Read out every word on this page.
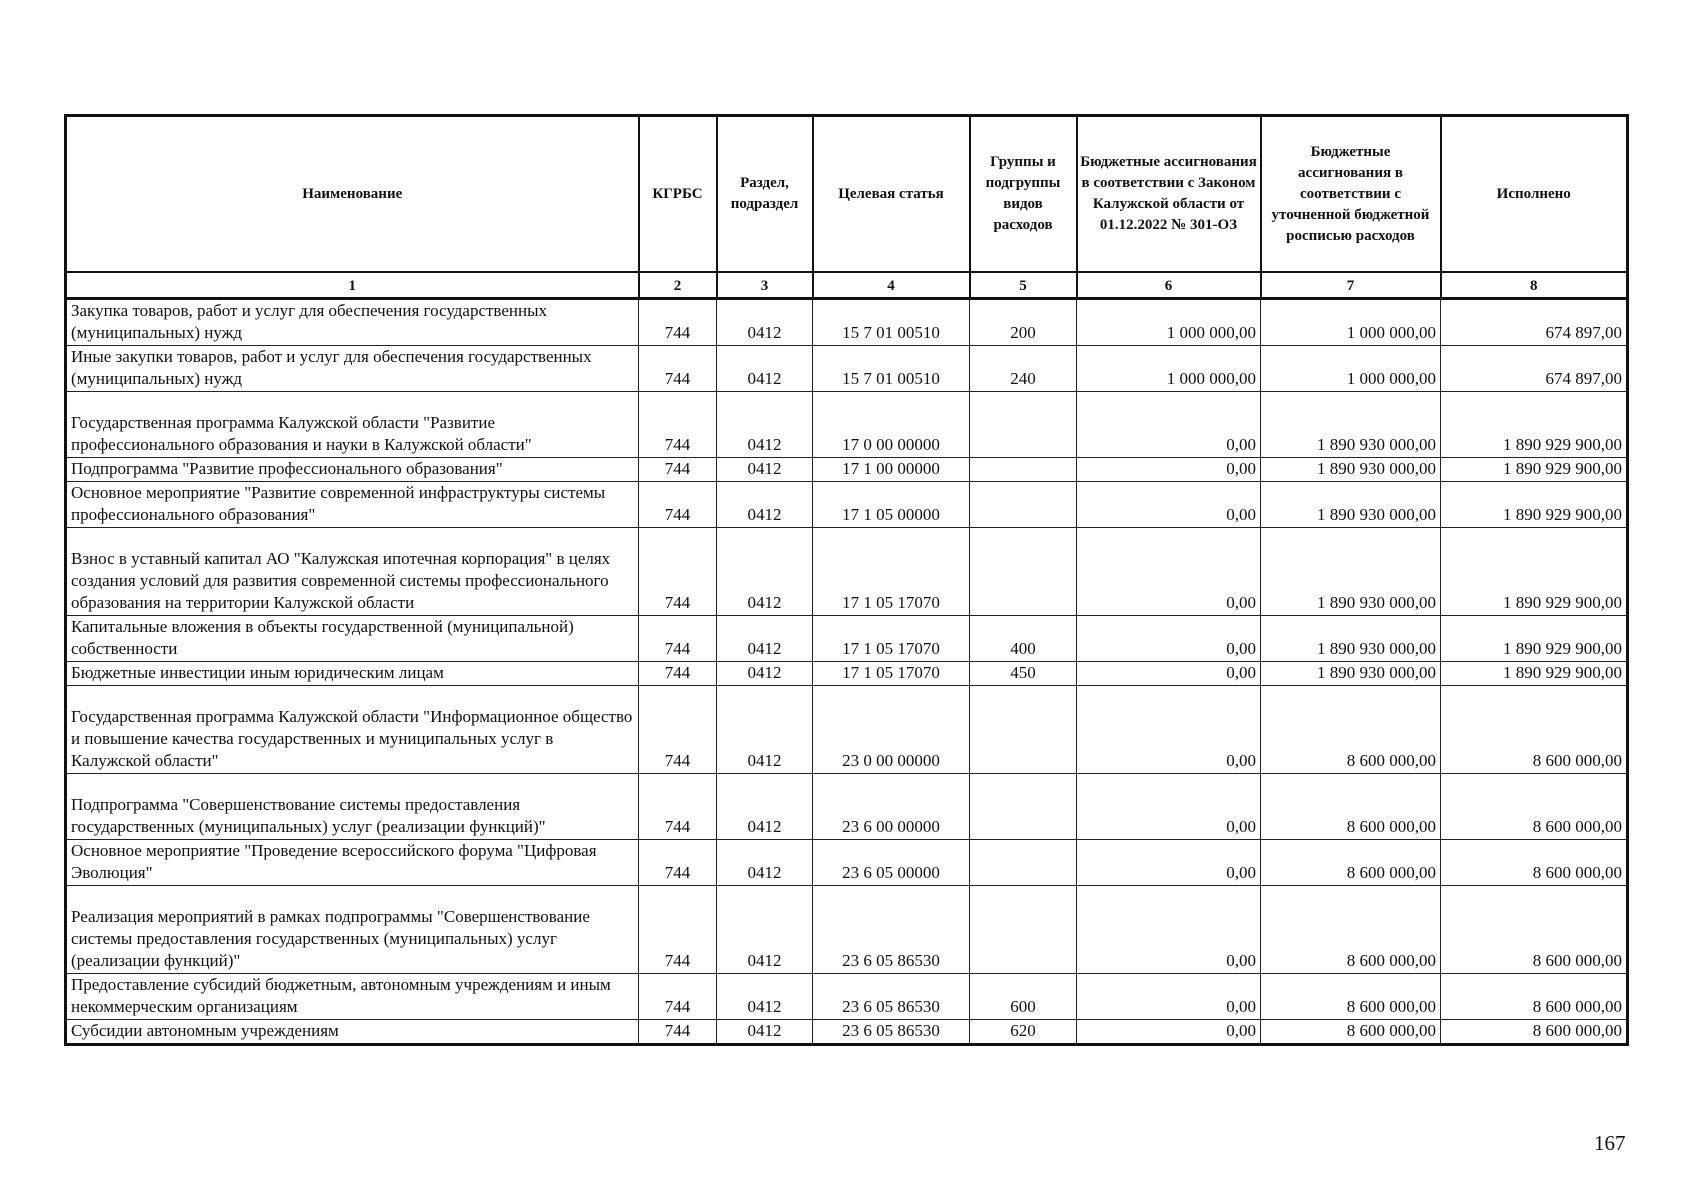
Наименование	КГРБС	Раздел, подраздел	Целевая статья	Группы и подгруппы видов расходов	Бюджетные ассигнования в соответствии с Законом Калужской области от 01.12.2022 № 301-ОЗ	Бюджетные ассигнования в соответствии с уточненной бюджетной росписью расходов	Исполнено
1	2	3	4	5	6	7	8
Закупка товаров, работ и услуг для обеспечения государственных (муниципальных) нужд	744	0412	15 7 01 00510	200	1 000 000,00	1 000 000,00	674 897,00
Иные закупки товаров, работ и услуг для обеспечения государственных (муниципальных) нужд	744	0412	15 7 01 00510	240	1 000 000,00	1 000 000,00	674 897,00
Государственная программа Калужской области "Развитие профессионального образования и науки в Калужской области"	744	0412	17 0 00 00000		0,00	1 890 930 000,00	1 890 929 900,00
Подпрограмма "Развитие профессионального образования"	744	0412	17 1 00 00000		0,00	1 890 930 000,00	1 890 929 900,00
Основное мероприятие "Развитие современной инфраструктуры системы профессионального образования"	744	0412	17 1 05 00000		0,00	1 890 930 000,00	1 890 929 900,00
Взнос в уставный капитал АО "Калужская ипотечная корпорация" в целях создания условий для развития современной системы профессионального образования на территории Калужской области	744	0412	17 1 05 17070		0,00	1 890 930 000,00	1 890 929 900,00
Капитальные вложения в объекты государственной (муниципальной) собственности	744	0412	17 1 05 17070	400	0,00	1 890 930 000,00	1 890 929 900,00
Бюджетные инвестиции иным юридическим лицам	744	0412	17 1 05 17070	450	0,00	1 890 930 000,00	1 890 929 900,00
Государственная программа Калужской области "Информационное общество и повышение качества государственных и муниципальных услуг в Калужской области"	744	0412	23 0 00 00000		0,00	8 600 000,00	8 600 000,00
Подпрограмма "Совершенствование системы предоставления государственных (муниципальных) услуг (реализации функций)"	744	0412	23 6 00 00000		0,00	8 600 000,00	8 600 000,00
Основное мероприятие "Проведение всероссийского форума "Цифровая Эволюция"	744	0412	23 6 05 00000		0,00	8 600 000,00	8 600 000,00
Реализация мероприятий в рамках подпрограммы "Совершенствование системы предоставления государственных (муниципальных) услуг (реализации функций)"	744	0412	23 6 05 86530		0,00	8 600 000,00	8 600 000,00
Предоставление субсидий бюджетным, автономным учреждениям и иным некоммерческим организациям	744	0412	23 6 05 86530	600	0,00	8 600 000,00	8 600 000,00
Субсидии автономным учреждениям	744	0412	23 6 05 86530	620	0,00	8 600 000,00	8 600 000,00
167
